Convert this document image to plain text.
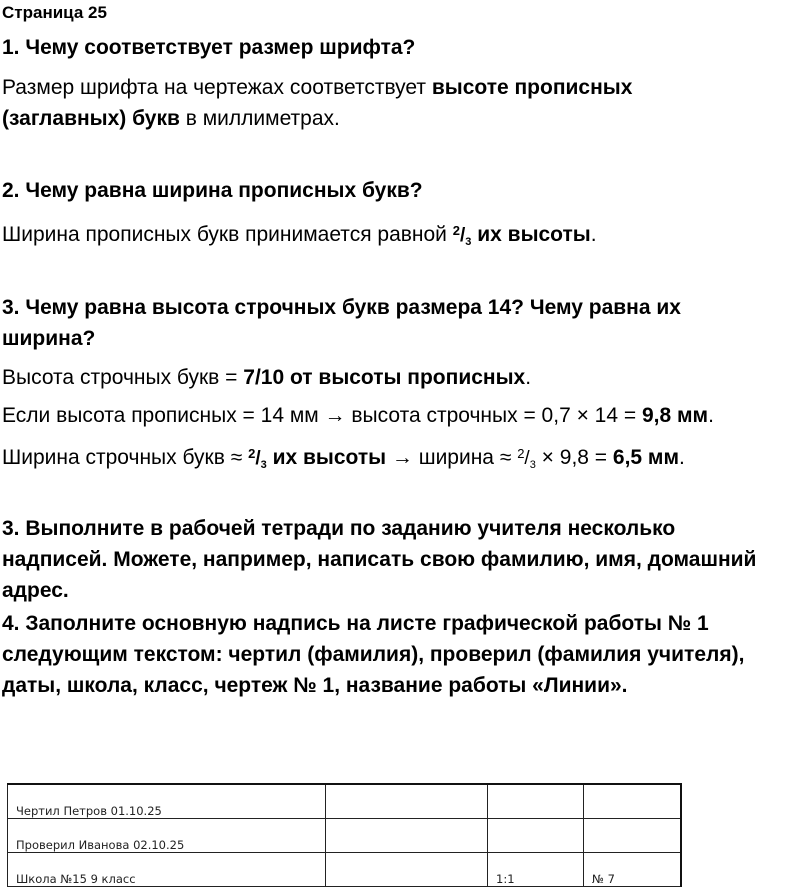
Страница 25
1. Чему соответствует размер шрифта?
Размер шрифта на чертежах соответствует высоте прописных (заглавных) букв в миллиметрах.
2. Чему равна ширина прописных букв?
Ширина прописных букв принимается равной $^2/_3$ их высоты.
3. Чему равна высота строчных букв размера 14? Чему равна их ширина?
Высота строчных букв = 7/10 от высоты прописных.
Если высота прописных = 14 мм → высота строчных = 0,7 × 14 = 9,8 мм.
Ширина строчных букв ≈ $^2/_3$ их высоты → ширина ≈ $^2/_3 \times 9,8 = 6,5$ мм.
3. Выполните в рабочей тетради по заданию учителя несколько надписей. Можете, например, написать свою фамилию, имя, домашний адрес.
4. Заполните основную надпись на листе графической работы № 1 следующим текстом: чертил (фамилия), проверил (фамилия учителя), даты, школа, класс, чертеж № 1, название работы «Линии».
Чертил Петров 01.10.25			
Проверил Иванова 02.10.25			
Школа №15 9 класс		1:1	№ 7
